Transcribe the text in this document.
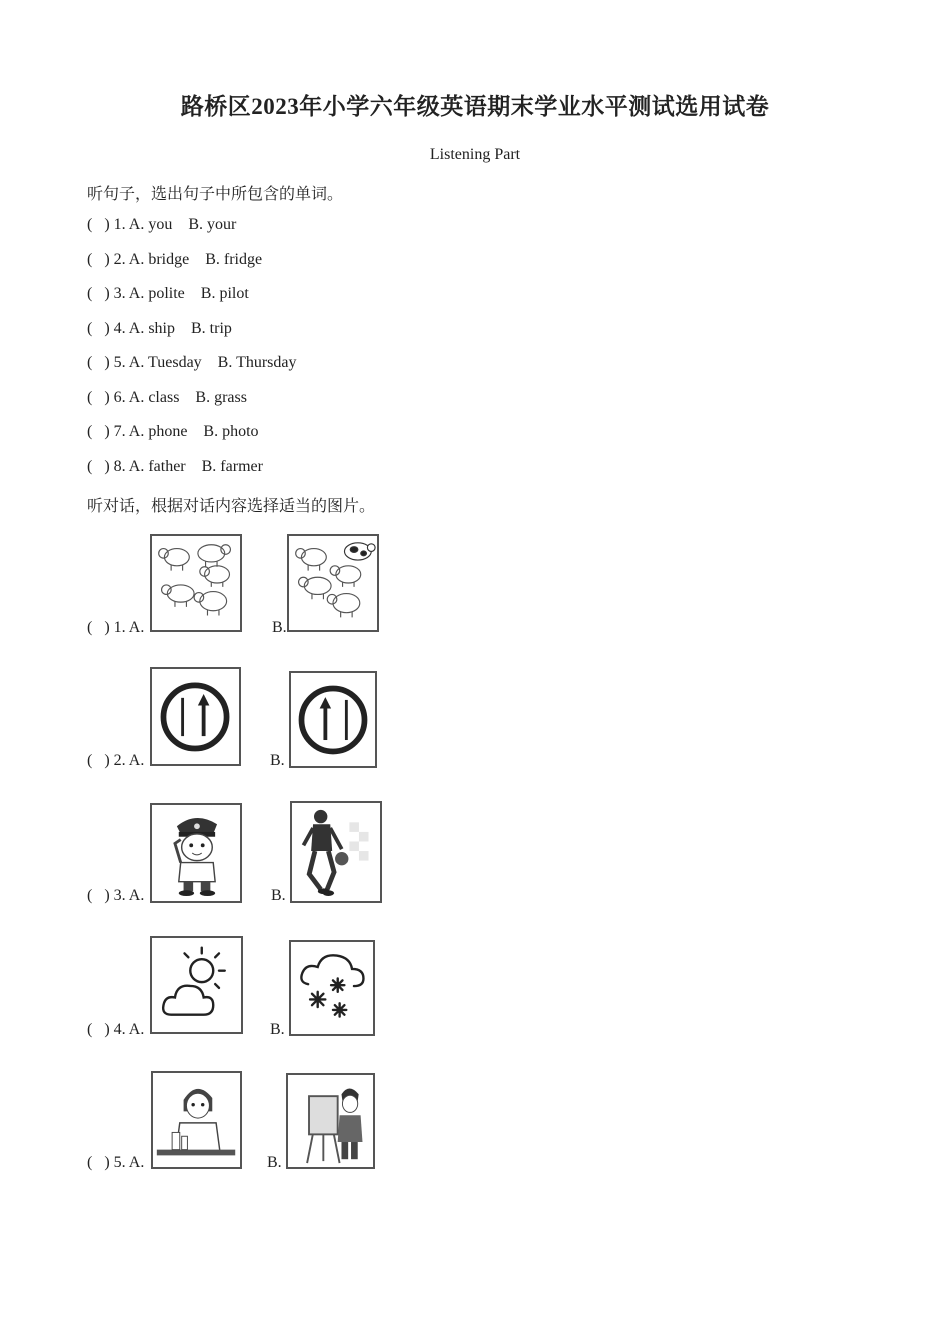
路桥区2023年小学六年级英语期末学业水平测试选用试卷
Listening Part
听句子，选出句子中所包含的单词。
(   ) 1. A. you    B. your
(   ) 2. A. bridge    B. fridge
(   ) 3. A. polite    B. pilot
(   ) 4. A. ship    B. trip
(   ) 5. A. Tuesday    B. Thursday
(   ) 6. A. class    B. grass
(   ) 7. A. phone    B. photo
(   ) 8. A. father    B. farmer
听对话，根据对话内容选择适当的图片。
(   ) 1. A.	B.
(   ) 2. A.	B.
(   ) 3. A.	B.
(   ) 4. A.	B.
(   ) 5. A.	B.
